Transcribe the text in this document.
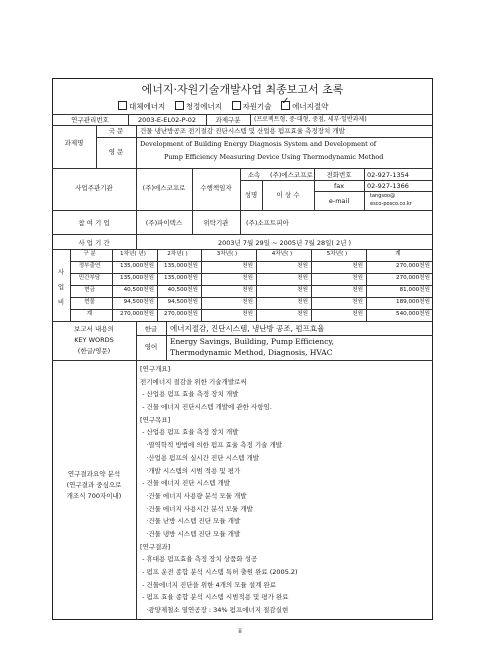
에너지·자원기술개발사업 최종보고서 초록
대체에너지	청정에너지	자원기술 ✓ 에너지절약
연구관리번호	2003-E-EL02-P-02	과제구분	(프로젝트형, 중·대형, 중점, 세부·일반과제)
과제명
국 문	건물 냉난방공조 전기절감 진단시스템 및 산업용 펌프효율 측정장치 개발
영 문
Development of Building Energy Diagnosis System and Development of
Pump Efficiency Measuring Device Using Thermodynamic Method
사업주관기관	(주)에스코프로	수행책임자
성명	이 상 수
소속	(주)에스코프로	전화번호	02-927-1354
fax	02-927-1366
e-mail
tangsoo@
esco-posco.co.kr
참 여 기 업	(주)파이텍스	위탁기관	(주)소프트피아
사 업 기 간	2003년 7월 29일 ~ 2005년 7월 28일( 2년 )
사
업
비
구 분	1차년( 년)	2차년( )	3차년( )	4차년( )	5차년( )	계
정부출연	135,000천원	135,000천원	천원	천원	천원	270,000천원
민간부담	135,000천원	135,000천원	천원	천원	천원	270,000천원
현금	40,500천원	40,500천원	천원	천원	천원	81,000천원
현물	94,500천원	94,500천원	천원	천원	천원	189,000천원
계	270,000천원	270,000천원	천원	천원	천원	540,000천원
보고서 내용의
KEY WORDS
(한글/영문)
한글	에너지절감, 진단시스템, 냉난방 공조, 펌프효율
영어
Energy Savings, Building, Pump Efficiency,
Thermodynamic Method, Diagnosis, HVAC
연구결과요약 분석
(연구결과 중심으로
개조식 700자이내)
[연구개요]
전기에너지 절감을 위한 기술개발로써
- 산업용 펌프 효율 측정 장치 개발
- 건물 에너지 진단시스템 개발에 관한 사항임.
[연구목표]
- 산업용 펌프 효율 측정 장치 개발
·열역학적 방법에 의한 펌프 효율 측정 기술 개발
·산업용 펌프의 실시간 진단 시스템 개발
·개발 시스템의 시범 적용 및 평가
- 건물 에너지 진단 시스템 개발
·건물 에너지 사용량 분석 모듈 개발
·건물 에너지 사용시간 분석 모듈 개발
·건물 난방 시스템 진단 모듈 개발
·건물 냉방 시스템 진단 모듈 개발
[연구결과]
- 휴대용 펌프효율 측정 장치 상품화 성공
- 펌프 운전 종합 분석 시스템 특허 출원 완료 (2005.2)
- 건물에너지 진단을 위한 4개의 모듈 설계 완료
- 펌프 효율 종합 분석 시스템 시범적용 및 평가 완료
·광양제철소 열연공장 : 34% 펌프에너지 절감실현
ii
